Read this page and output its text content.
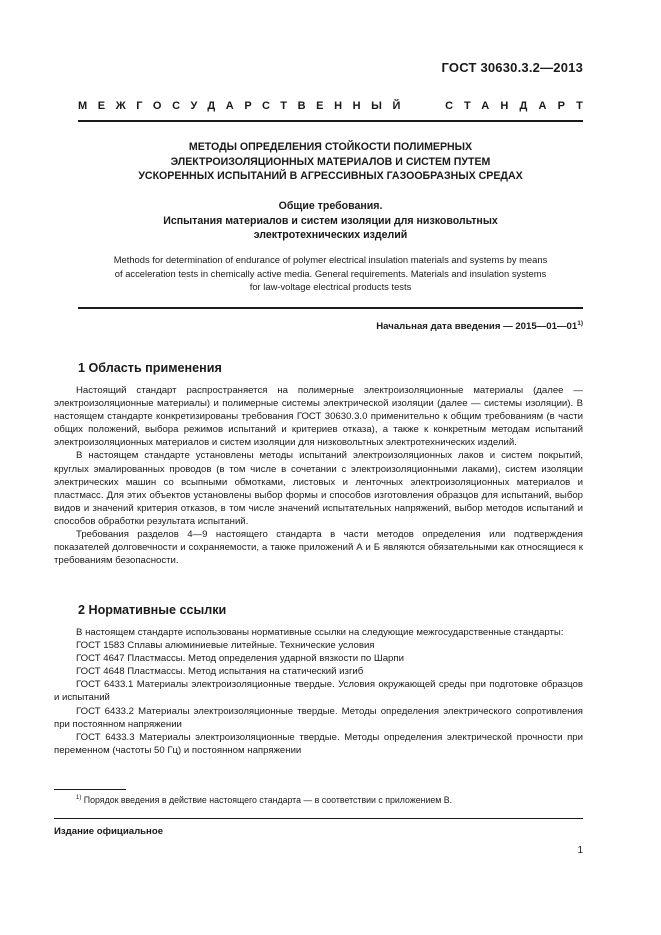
ГОСТ 30630.3.2—2013
МЕЖГОСУДАРСТВЕННЫЙ	СТАНДАРТ
МЕТОДЫ ОПРЕДЕЛЕНИЯ СТОЙКОСТИ ПОЛИМЕРНЫХ
ЭЛЕКТРОИЗОЛЯЦИОННЫХ МАТЕРИАЛОВ И СИСТЕМ ПУТЕМ
УСКОРЕННЫХ ИСПЫТАНИЙ В АГРЕССИВНЫХ ГАЗООБРАЗНЫХ СРЕДАХ
Общие требования.
Испытания материалов и систем изоляции для низковольтных
электротехнических изделий
Methods for determination of endurance of polymer electrical insulation materials and systems by means
of acceleration tests in chemically active media. General requirements. Materials and insulation systems
for law-voltage electrical products tests
Начальная дата введения — 2015—01—01$^{1)}$
1 Область применения

Настоящий стандарт распространяется на полимерные электроизоляционные материалы (далее — электроизоляционные материалы) и полимерные системы электрической изоляции (далее — системы изоляции). В настоящем стандарте конкретизированы требования ГОСТ 30630.3.0 применительно к общим требованиям (в части общих положений, выбора режимов испытаний и критериев отказа), а также к конкретным методам испытаний электроизоляционных материалов и систем изоляции для низковольтных электротехнических изделий.

В настоящем стандарте установлены методы испытаний электроизоляционных лаков и систем покрытий, круглых эмалированных проводов (в том числе в сочетании с электроизоляционными лаками), систем изоляции электрических машин со всыпными обмотками, листовых и ленточных электроизоляционных материалов и пластмасс. Для этих объектов установлены выбор формы и способов изготовления образцов для испытаний, выбор видов и значений критерия отказов, в том числе значений испытательных напряжений, выбор методов испытаний и способов обработки результата испытаний.

Требования разделов 4—9 настоящего стандарта в части методов определения или подтверждения показателей долговечности и сохраняемости, а также приложений А и Б являются обязательными как относящиеся к требованиям безопасности.

2 Нормативные ссылки

В настоящем стандарте использованы нормативные ссылки на следующие межгосударственные стандарты:

ГОСТ 1583 Сплавы алюминиевые литейные. Технические условия

ГОСТ 4647 Пластмассы. Метод определения ударной вязкости по Шарпи

ГОСТ 4648 Пластмассы. Метод испытания на статический изгиб

ГОСТ 6433.1 Материалы электроизоляционные твердые. Условия окружающей среды при подготовке образцов и испытаний

ГОСТ 6433.2 Материалы электроизоляционные твердые. Методы определения электрического сопротивления при постоянном напряжении

ГОСТ 6433.3 Материалы электроизоляционные твердые. Методы определения электрической прочности при переменном (частоты 50 Гц) и постоянном напряжении

$^{1)}$ Порядок введения в действие настоящего стандарта — в соответствии с приложением В.
Издание официальное
1
